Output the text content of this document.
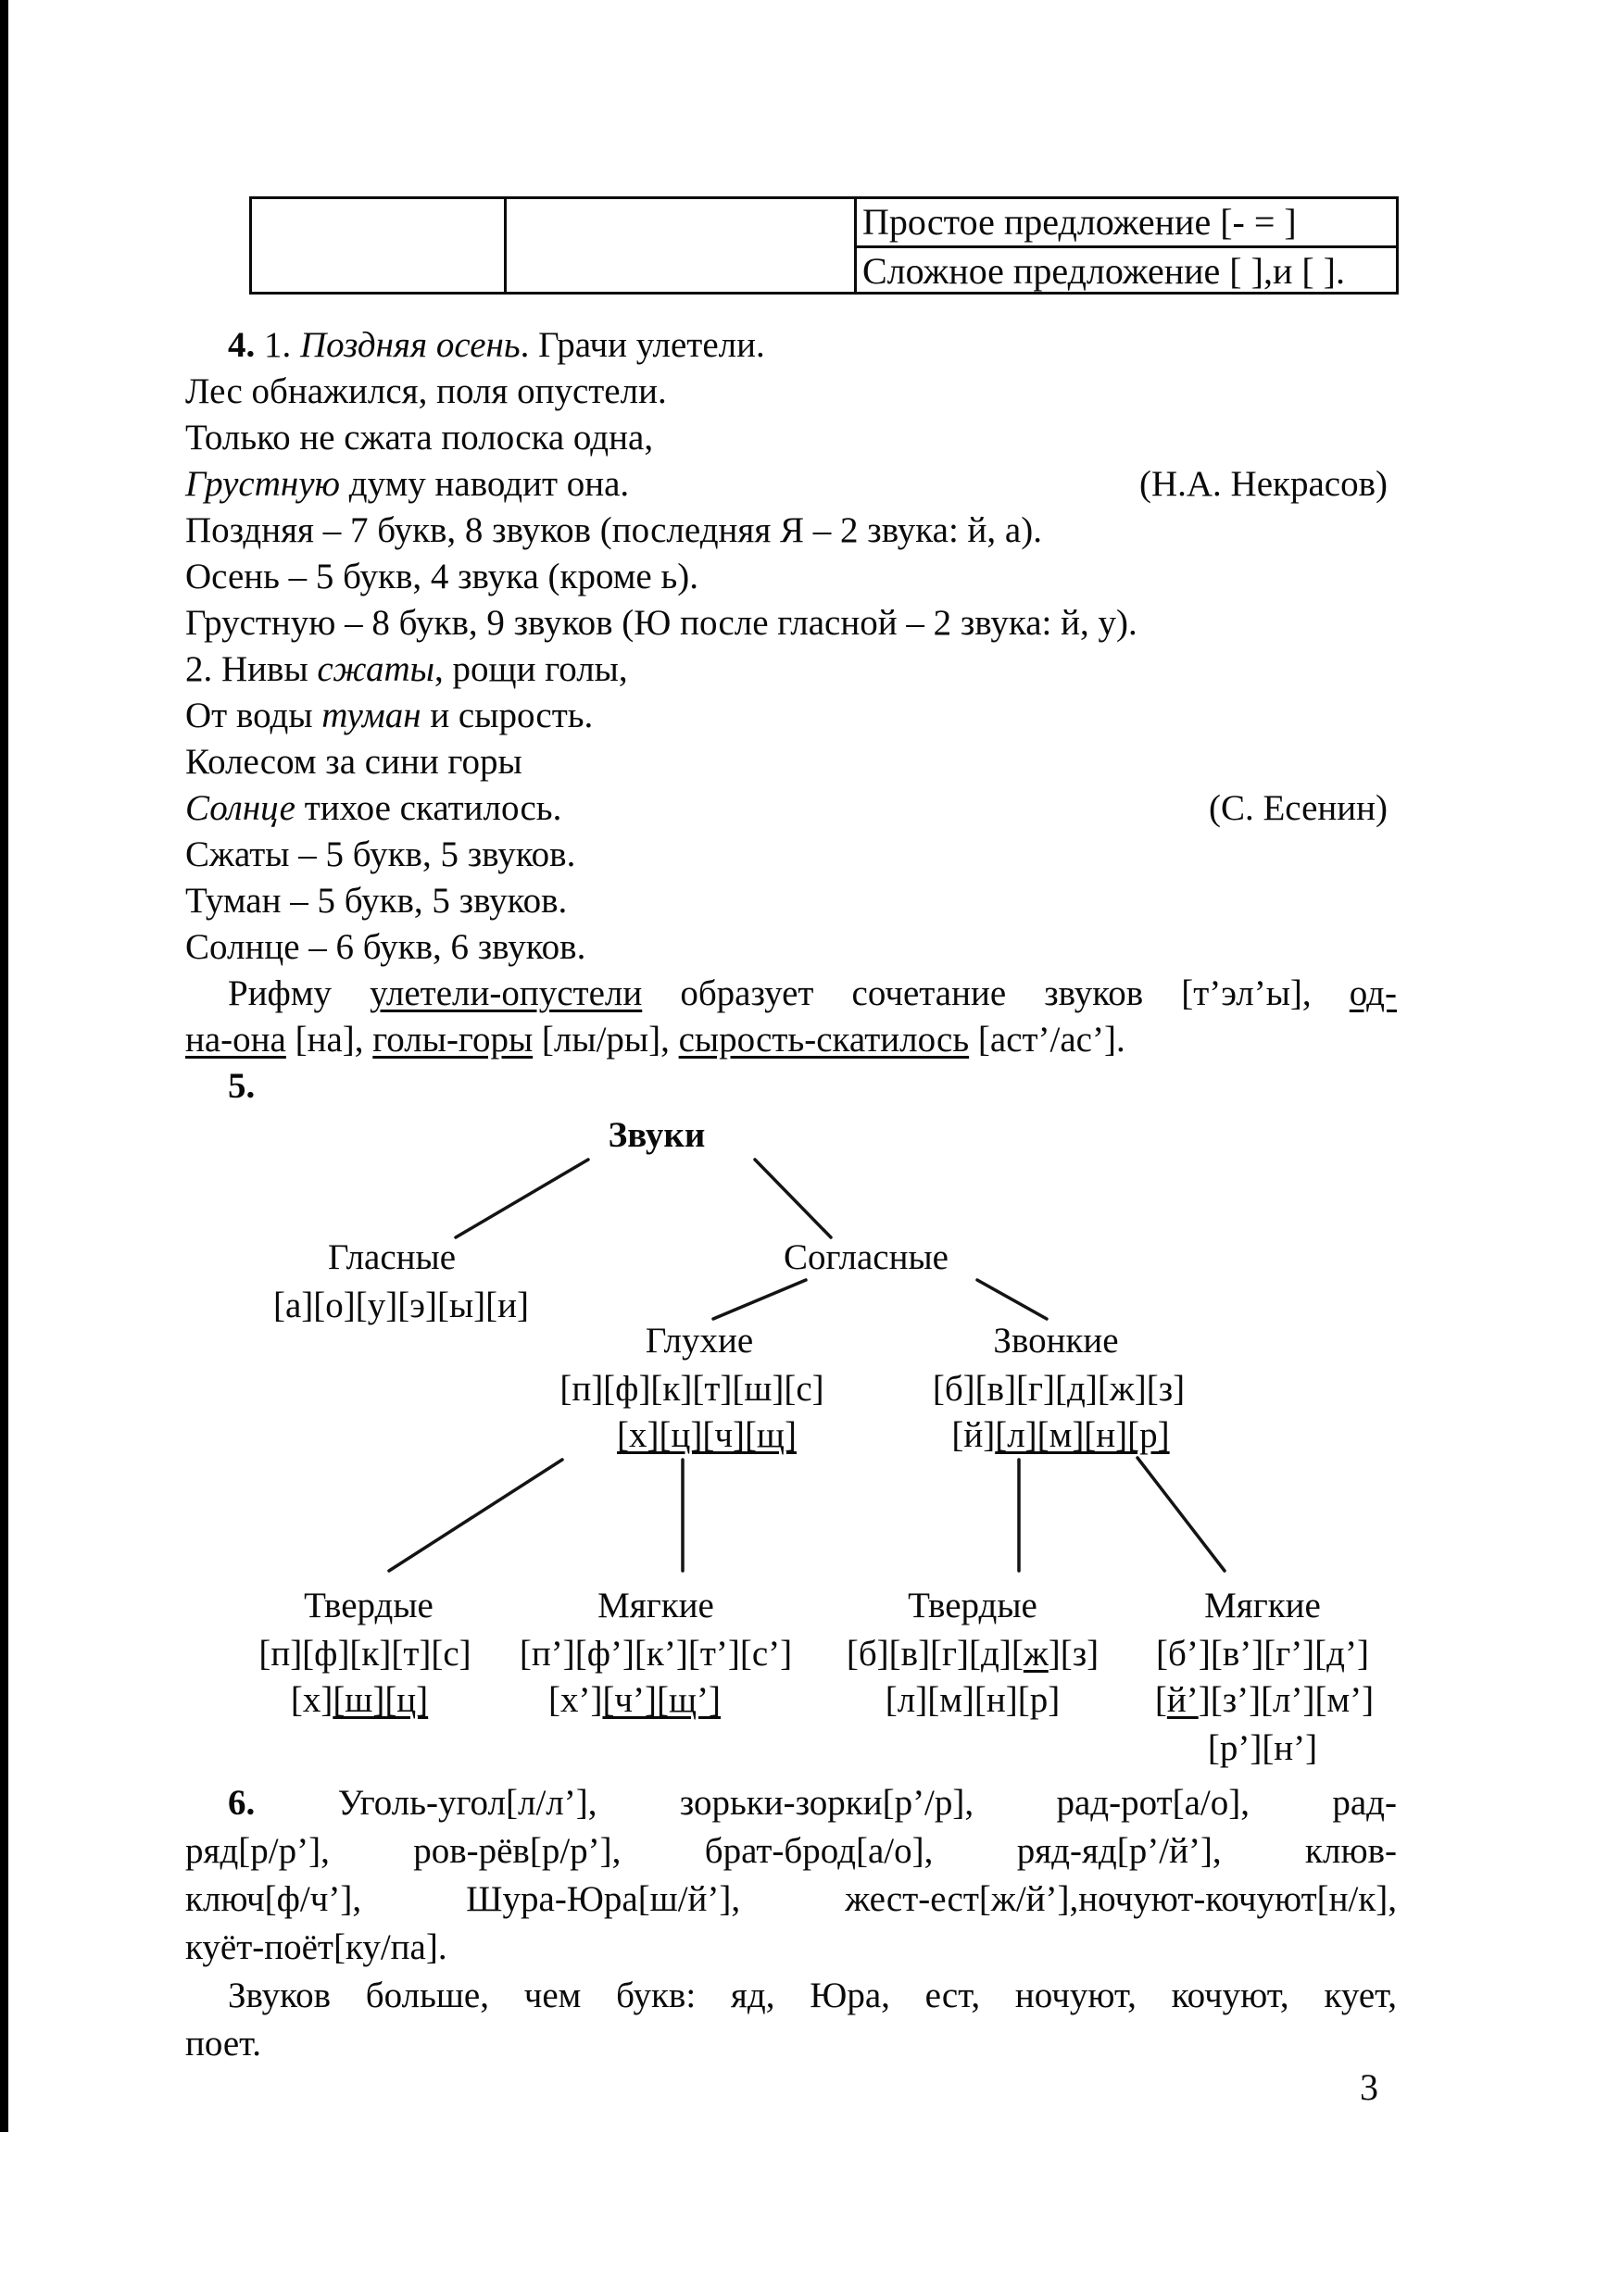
Простое предложение [- = ]
Сложное предложение [ ],и [ ].
4. 1. Поздняя осень. Грачи улетели.
Лес обнажился, поля опустели.
Только не сжата полоска одна,
Грустную думу наводит она.	(Н.А. Некрасов)
Поздняя – 7 букв, 8 звуков (последняя Я – 2 звука: й, а).
Осень – 5 букв, 4 звука (кроме ь).
Грустную – 8 букв, 9 звуков (Ю после гласной – 2 звука: й, у).
2. Нивы сжаты, рощи голы,
От воды туман и сырость.
Колесом за сини горы
Солнце тихое скатилось.	(С. Есенин)
Сжаты – 5 букв, 5 звуков.
Туман – 5 букв, 5 звуков.
Солнце – 6 букв, 6 звуков.
Рифму улетели-опустели образует сочетание звуков [т’эл’ы], од-
на-она [на], голы-горы [лы/ры], сырость-скатилось [аст’/ас’].
5.
Звуки
Гласные
[а][о][у][э][ы][и]
Согласные
Глухие
[п][ф][к][т][ш][с]
[х][ц][ч][щ]
Звонкие
[б][в][г][д][ж][з]
[й][л][м][н][р]
Твердые
[п][ф][к][т][с]
[х][ш][ц]
Мягкие
[п’][ф’][к’][т’][с’]
[х’][ч’][щ’]
Твердые
[б][в][г][д][ж][з]
[л][м][н][р]
Мягкие
[б’][в’][г’][д’]
[й’][з’][л’][м’]
[р’][н’]
6. Уголь-угол[л/л’], зорьки-зорки[р’/р], рад-рот[а/о], рад-
ряд[р/р’], ров-рёв[р/р’], брат-брод[а/о], ряд-яд[р’/й’], клюв-
ключ[ф/ч’], Шура-Юра[ш/й’], жест-ест[ж/й’],ночуют-кочуют[н/к],
куёт-поёт[ку/па].
Звуков больше, чем букв: яд, Юра, ест, ночуют, кочуют, кует,
поет.
3
